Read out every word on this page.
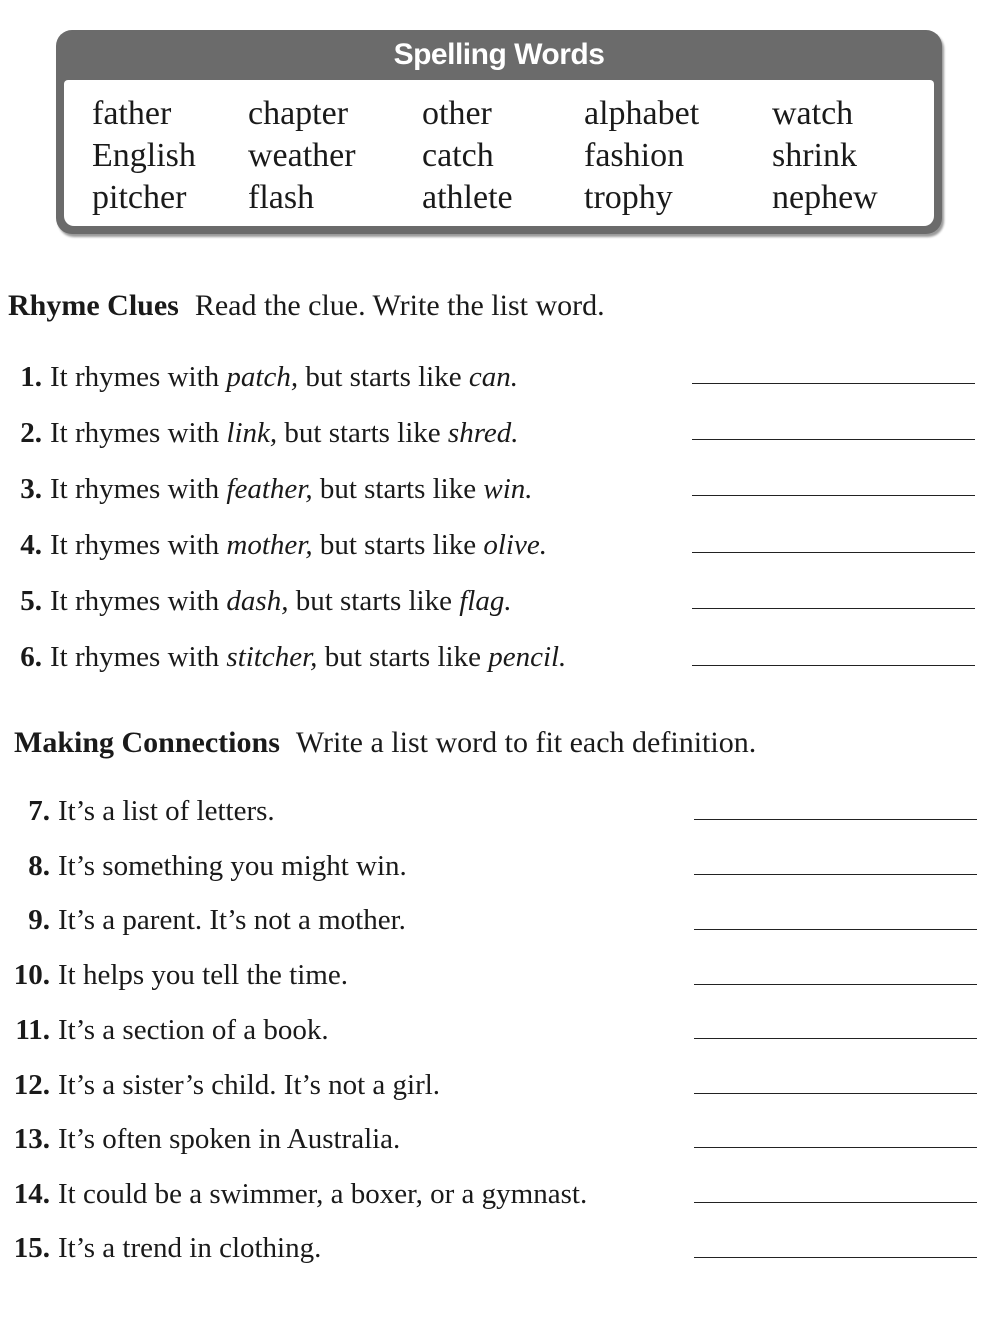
Spelling Words
father
English
pitcher
chapter
weather
flash
other
catch
athlete
alphabet
fashion
trophy
watch
shrink
nephew
Rhyme Clues Read the clue. Write the list word.
1. It rhymes with patch, but starts like can.
2. It rhymes with link, but starts like shred.
3. It rhymes with feather, but starts like win.
4. It rhymes with mother, but starts like olive.
5. It rhymes with dash, but starts like flag.
6. It rhymes with stitcher, but starts like pencil.
Making Connections Write a list word to fit each definition.
7. It’s a list of letters.
8. It’s something you might win.
9. It’s a parent. It’s not a mother.
10. It helps you tell the time.
11. It’s a section of a book.
12. It’s a sister’s child. It’s not a girl.
13. It’s often spoken in Australia.
14. It could be a swimmer, a boxer, or a gymnast.
15. It’s a trend in clothing.
